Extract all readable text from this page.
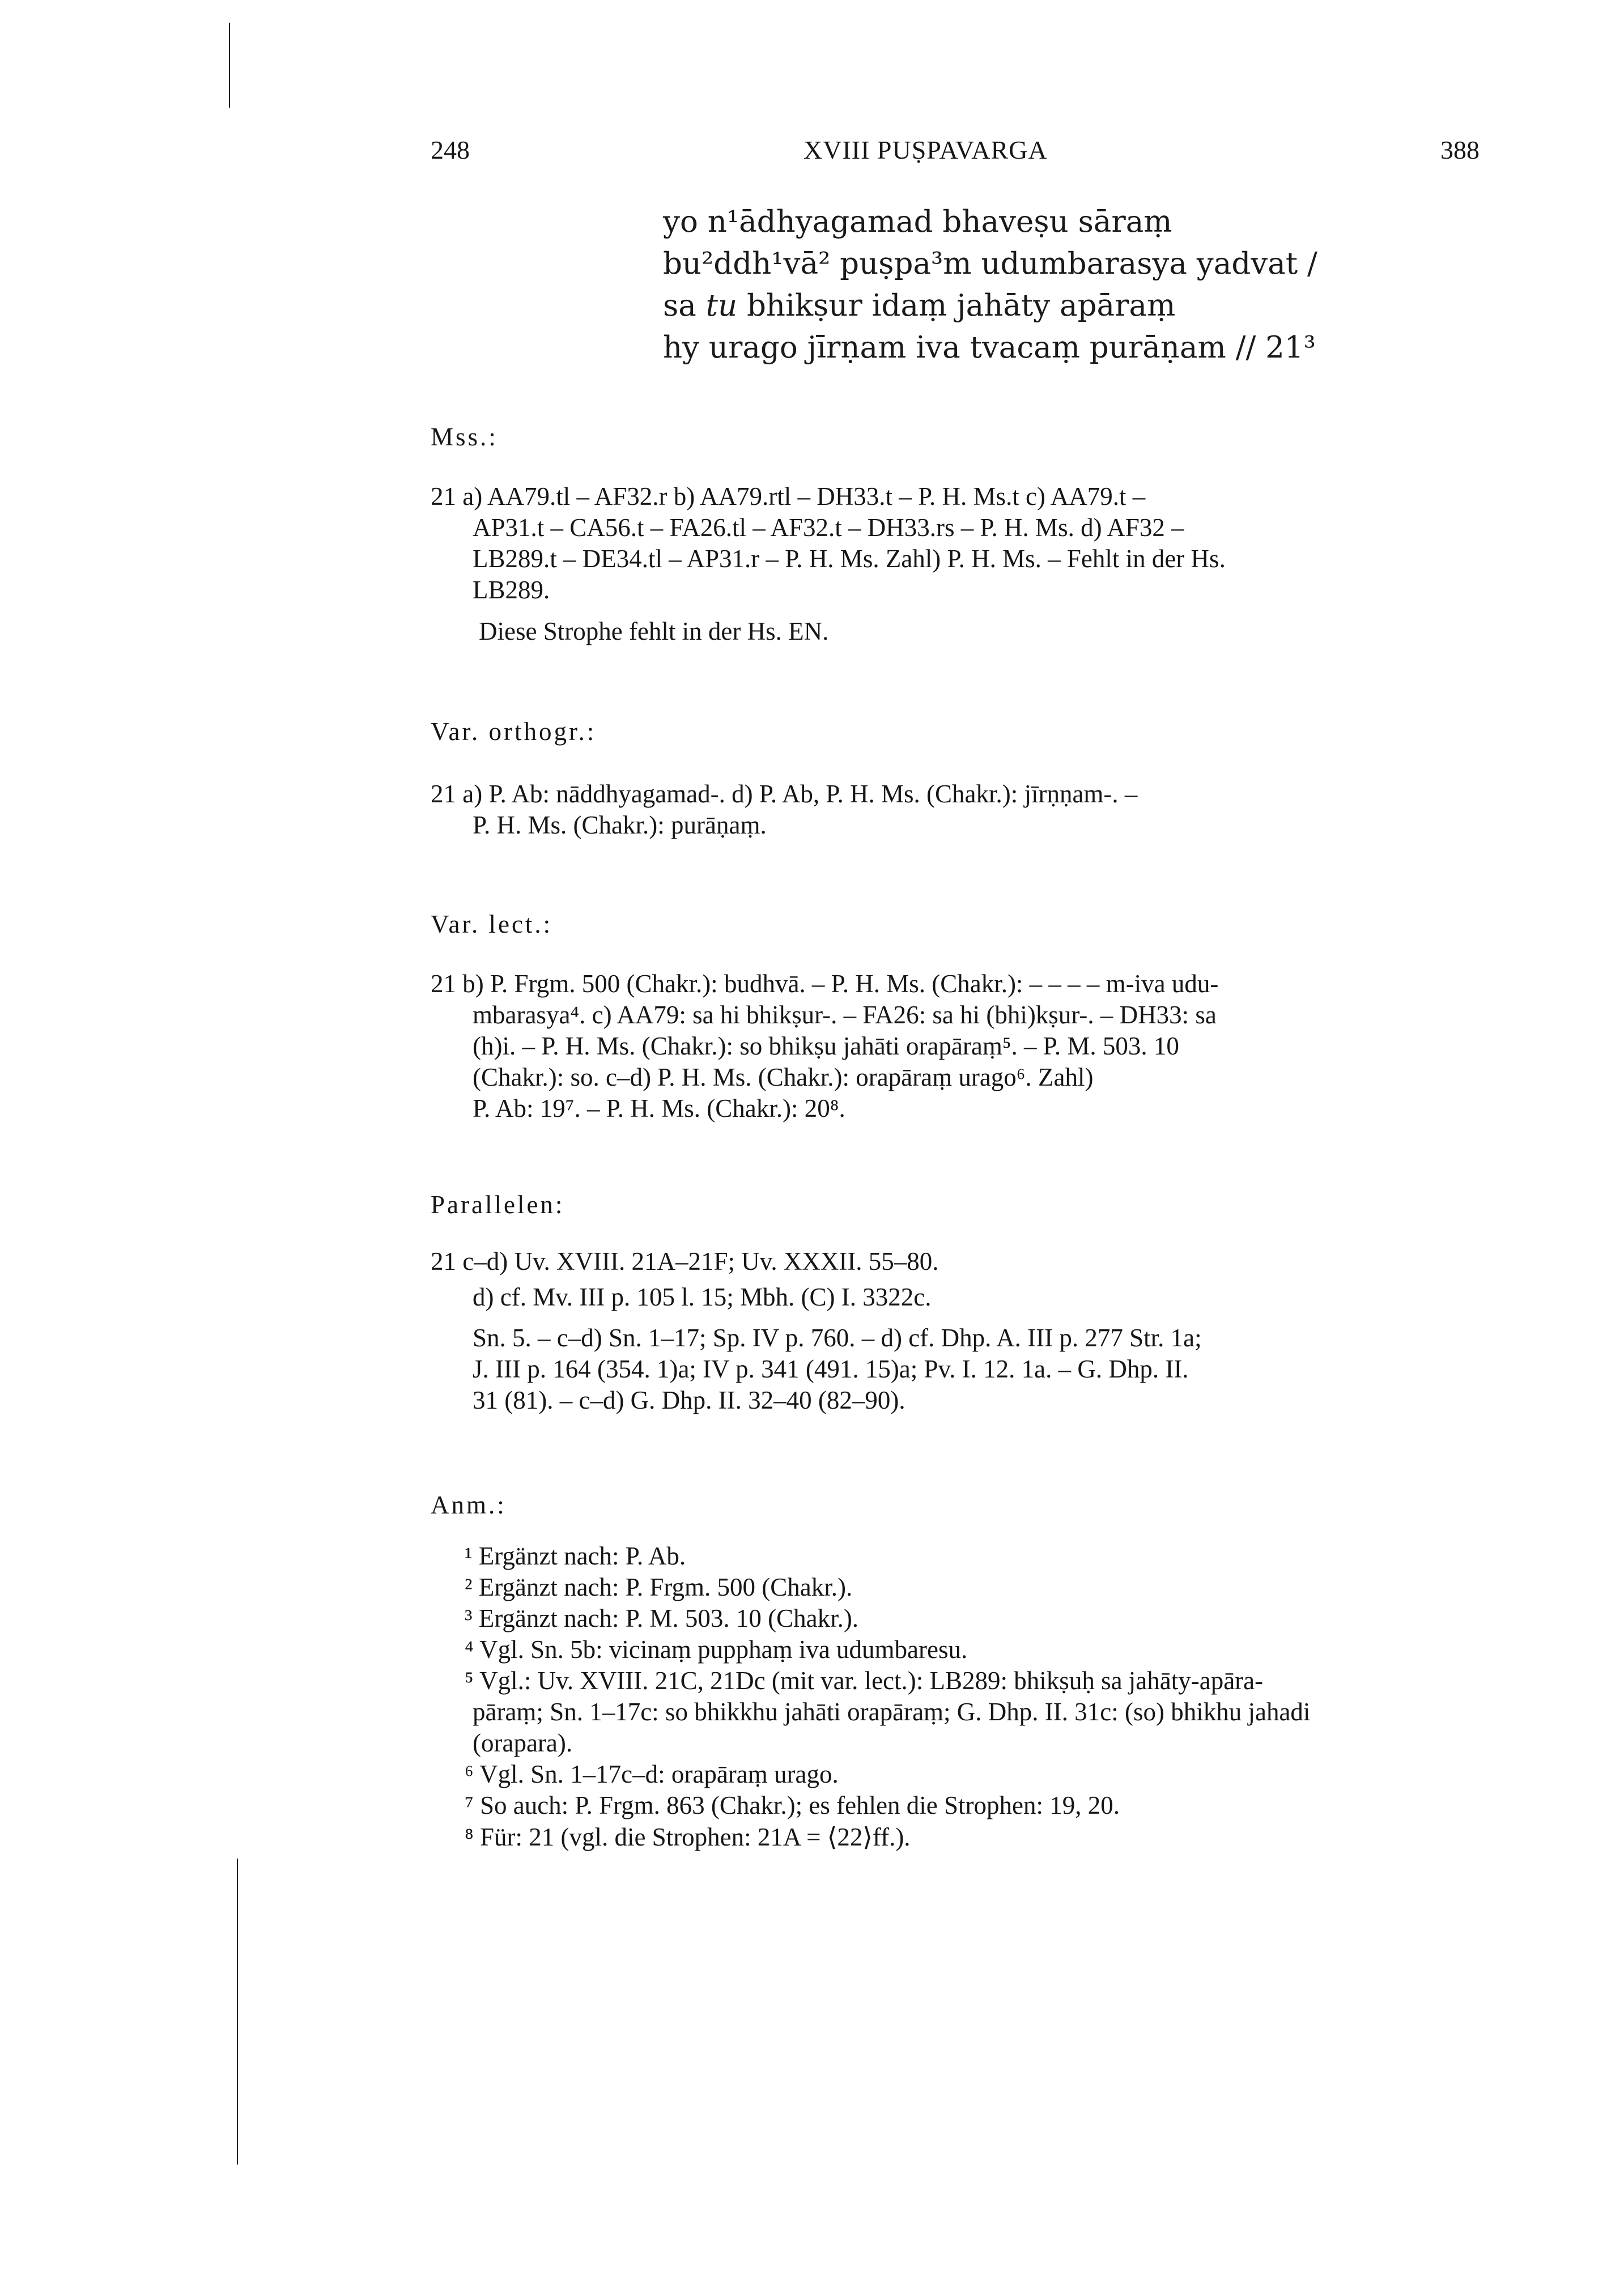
248	XVIII PUṢPAVARGA	388
yo n¹ādhyagamad bhaveṣu sāraṃ
bu²ddh¹vā² puṣpa³m udumbarasya yadvat /
sa tu bhikṣur idaṃ jahāty apāraṃ
hy urago jīrṇam iva tvacaṃ purāṇam // 21³
Mss.:
21 a) AA79.tl – AF32.r b) AA79.rtl – DH33.t – P. H. Ms.t c) AA79.t –
AP31.t – CA56.t – FA26.tl – AF32.t – DH33.rs – P. H. Ms. d) AF32 –
LB289.t – DE34.tl – AP31.r – P. H. Ms. Zahl) P. H. Ms. – Fehlt in der Hs.
LB289.
Diese Strophe fehlt in der Hs. EN.
Var. orthogr.:
21 a) P. Ab: nāddhyagamad-. d) P. Ab, P. H. Ms. (Chakr.): jīrṇṇam-. –
P. H. Ms. (Chakr.): purāṇaṃ.
Var. lect.:
21 b) P. Frgm. 500 (Chakr.): budhvā. – P. H. Ms. (Chakr.): – – – – m-iva udu-
mbarasya⁴. c) AA79: sa hi bhikṣur-. – FA26: sa hi (bhi)kṣur-. – DH33: sa
(h)i. – P. H. Ms. (Chakr.): so bhikṣu jahāti orapāraṃ⁵. – P. M. 503. 10
(Chakr.): so. c–d) P. H. Ms. (Chakr.): orapāraṃ urago⁶. Zahl)
P. Ab: 19⁷. – P. H. Ms. (Chakr.): 20⁸.
Parallelen:
21 c–d) Uv. XVIII. 21A–21F; Uv. XXXII. 55–80.
d) cf. Mv. III p. 105 l. 15; Mbh. (C) I. 3322c.
Sn. 5. – c–d) Sn. 1–17; Sp. IV p. 760. – d) cf. Dhp. A. III p. 277 Str. 1a;
J. III p. 164 (354. 1)a; IV p. 341 (491. 15)a; Pv. I. 12. 1a. – G. Dhp. II.
31 (81). – c–d) G. Dhp. II. 32–40 (82–90).
Anm.:
¹ Ergänzt nach: P. Ab.
² Ergänzt nach: P. Frgm. 500 (Chakr.).
³ Ergänzt nach: P. M. 503. 10 (Chakr.).
⁴ Vgl. Sn. 5b: vicinaṃ pupphaṃ iva udumbaresu.
⁵ Vgl.: Uv. XVIII. 21C, 21Dc (mit var. lect.): LB289: bhikṣuḥ sa jahāty-apāra-
pāraṃ; Sn. 1–17c: so bhikkhu jahāti orapāraṃ; G. Dhp. II. 31c: (so) bhikhu jahadi
(orapara).
⁶ Vgl. Sn. 1–17c–d: orapāraṃ urago.
⁷ So auch: P. Frgm. 863 (Chakr.); es fehlen die Strophen: 19, 20.
⁸ Für: 21 (vgl. die Strophen: 21A = ⟨22⟩ff.).
